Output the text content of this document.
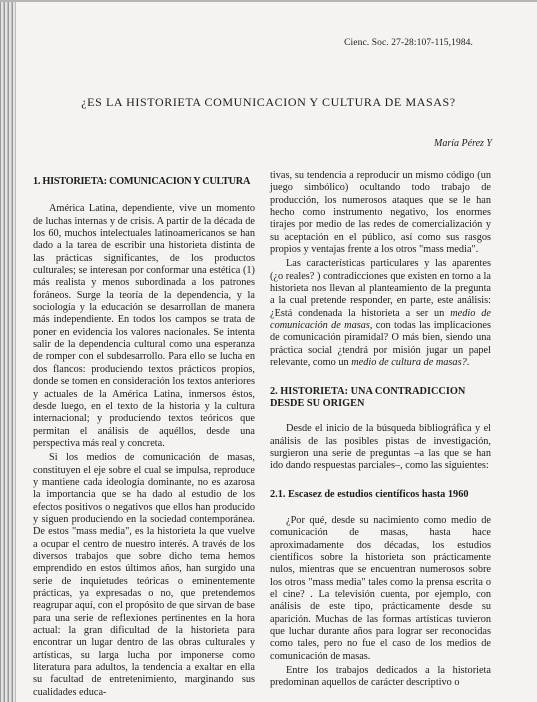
Cienc. Soc. 27-28:107-115,1984.
¿ES LA HISTORIETA COMUNICACION Y CULTURA DE MASAS?
María Pérez Y
1. HISTORIETA: COMUNICACION Y CULTURA

América Latina, dependiente, vive un momento de luchas internas y de crisis. A partir de la década de los 60, muchos intelectuales latinoamericanos se han dado a la tarea de escribir una historieta distinta de las prácticas significantes, de los productos culturales; se interesan por conformar una estética (1) más realista y menos subordinada a los patrones foráneos. Surge la teoría de la dependencia, y la sociología y la educación se desarrollan de manera más independiente. En todos los campos se trata de poner en evidencia los valores nacionales. Se intenta salir de la dependencia cultural como una esperanza de romper con el subdesarrollo. Para ello se lucha en dos flancos: produciendo textos prácticos propios, donde se tomen en consideración los textos anteriores y actuales de la América Latina, inmersos éstos, desde luego, en el texto de la historia y la cultura internacional; y produciendo textos teóricos que permitan el análisis de aquéllos, desde una perspectiva más real y concreta.

Si los medios de comunicación de masas, constituyen el eje sobre el cual se impulsa, reproduce y mantiene cada ideología dominante, no es azarosa la importancia que se ha dado al estudio de los efectos positivos o negativos que ellos han producido y siguen produciendo en la sociedad contemporánea. De estos "mass media", es la historieta la que vuelve a ocupar el centro de nuestro interés. A través de los diversos trabajos que sobre dicho tema hemos emprendido en estos últimos años, han surgido una serie de inquietudes teóricas o eminentemente prácticas, ya expresadas o no, que pretendemos reagrupar aquí, con el propósito de que sirvan de base para una serie de reflexiones pertinentes en la hora actual: la gran dificultad de la historieta para encontrar un lugar dentro de las obras culturales y artísticas, su larga lucha por imponerse como literatura para adultos, la tendencia a exaltar en ella su facultad de entretenimiento, marginando sus cualidades educa-

tivas, su tendencia a reproducir un mismo código (un juego simbólico) ocultando todo trabajo de producción, los numerosos ataques que se le han hecho como instrumento negativo, los enormes tirajes por medio de las redes de comercialización y su aceptación en el público, así como sus rasgos propios y ventajas frente a los otros "mass media".

Las características particulares y las aparentes (¿o reales? ) contradicciones que existen en torno a la historieta nos llevan al planteamiento de la pregunta a la cual pretende responder, en parte, este análisis: ¿Está condenada la historieta a ser un medio de comunicación de masas, con todas las implicaciones de comunicación piramidal? O más bien, siendo una práctica social ¿tendrá por misión jugar un papel relevante, como un medio de cultura de masas?.

2. HISTORIETA: UNA CONTRADICCION DESDE SU ORIGEN

Desde el inicio de la búsqueda bibliográfica y el análisis de las posibles pistas de investigación, surgieron una serie de preguntas –a las que se han ido dando respuestas parciales–, como las siguientes:

2.1. Escasez de estudios científicos hasta 1960

¿Por qué, desde su nacimiento como medio de comunicación de masas, hasta hace aproximadamente dos décadas, los estudios científicos sobre la historieta son prácticamente nulos, mientras que se encuentran numerosos sobre los otros "mass media" tales como la prensa escrita o el cine? . La televisión cuenta, por ejemplo, con análisis de este tipo, prácticamente desde su aparición. Muchas de las formas artísticas tuvieron que luchar durante años para lograr ser reconocidas como tales, pero no fue el caso de los medios de comunicación de masas.

Entre los trabajos dedicados a la historieta predominan aquellos de carácter descriptivo o
